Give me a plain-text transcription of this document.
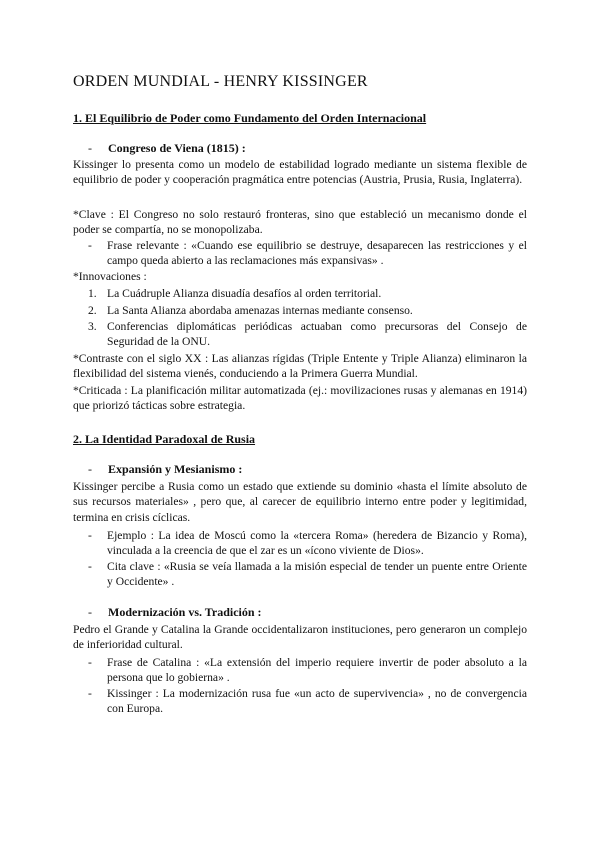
ORDEN MUNDIAL - HENRY KISSINGER
1. El Equilibrio de Poder como Fundamento del Orden Internacional
- Congreso de Viena (1815) :

Kissinger lo presenta como un modelo de estabilidad logrado mediante un sistema flexible de equilibrio de poder y cooperación pragmática entre potencias (Austria, Prusia, Rusia, Inglaterra).

*Clave : El Congreso no solo restauró fronteras, sino que estableció un mecanismo donde el poder se compartía, no se monopolizaba.

- Frase relevante : «Cuando ese equilibrio se destruye, desaparecen las restricciones y el campo queda abierto a las reclamaciones más expansivas» .

*Innovaciones :

1. La Cuádruple Alianza disuadía desafíos al orden territorial.
2. La Santa Alianza abordaba amenazas internas mediante consenso.
3. Conferencias diplomáticas periódicas actuaban como precursoras del Consejo de Seguridad de la ONU.

*Contraste con el siglo XX : Las alianzas rígidas (Triple Entente y Triple Alianza) eliminaron la flexibilidad del sistema vienés, conduciendo a la Primera Guerra Mundial.

*Criticada : La planificación militar automatizada (ej.: movilizaciones rusas y alemanas en 1914) que priorizó tácticas sobre estrategia.

2. La Identidad Paradoxal de Rusia
- Expansión y Mesianismo :

Kissinger percibe a Rusia como un estado que extiende su dominio «hasta el límite absoluto de sus recursos materiales» , pero que, al carecer de equilibrio interno entre poder y legitimidad, termina en crisis cíclicas.

- Ejemplo : La idea de Moscú como la «tercera Roma» (heredera de Bizancio y Roma), vinculada a la creencia de que el zar es un «ícono viviente de Dios».
- Cita clave : «Rusia se veía llamada a la misión especial de tender un puente entre Oriente y Occidente» .
- Modernización vs. Tradición :

Pedro el Grande y Catalina la Grande occidentalizaron instituciones, pero generaron un complejo de inferioridad cultural.

- Frase de Catalina : «La extensión del imperio requiere invertir de poder absoluto a la persona que lo gobierna» .
- Kissinger : La modernización rusa fue «un acto de supervivencia» , no de convergencia con Europa.
